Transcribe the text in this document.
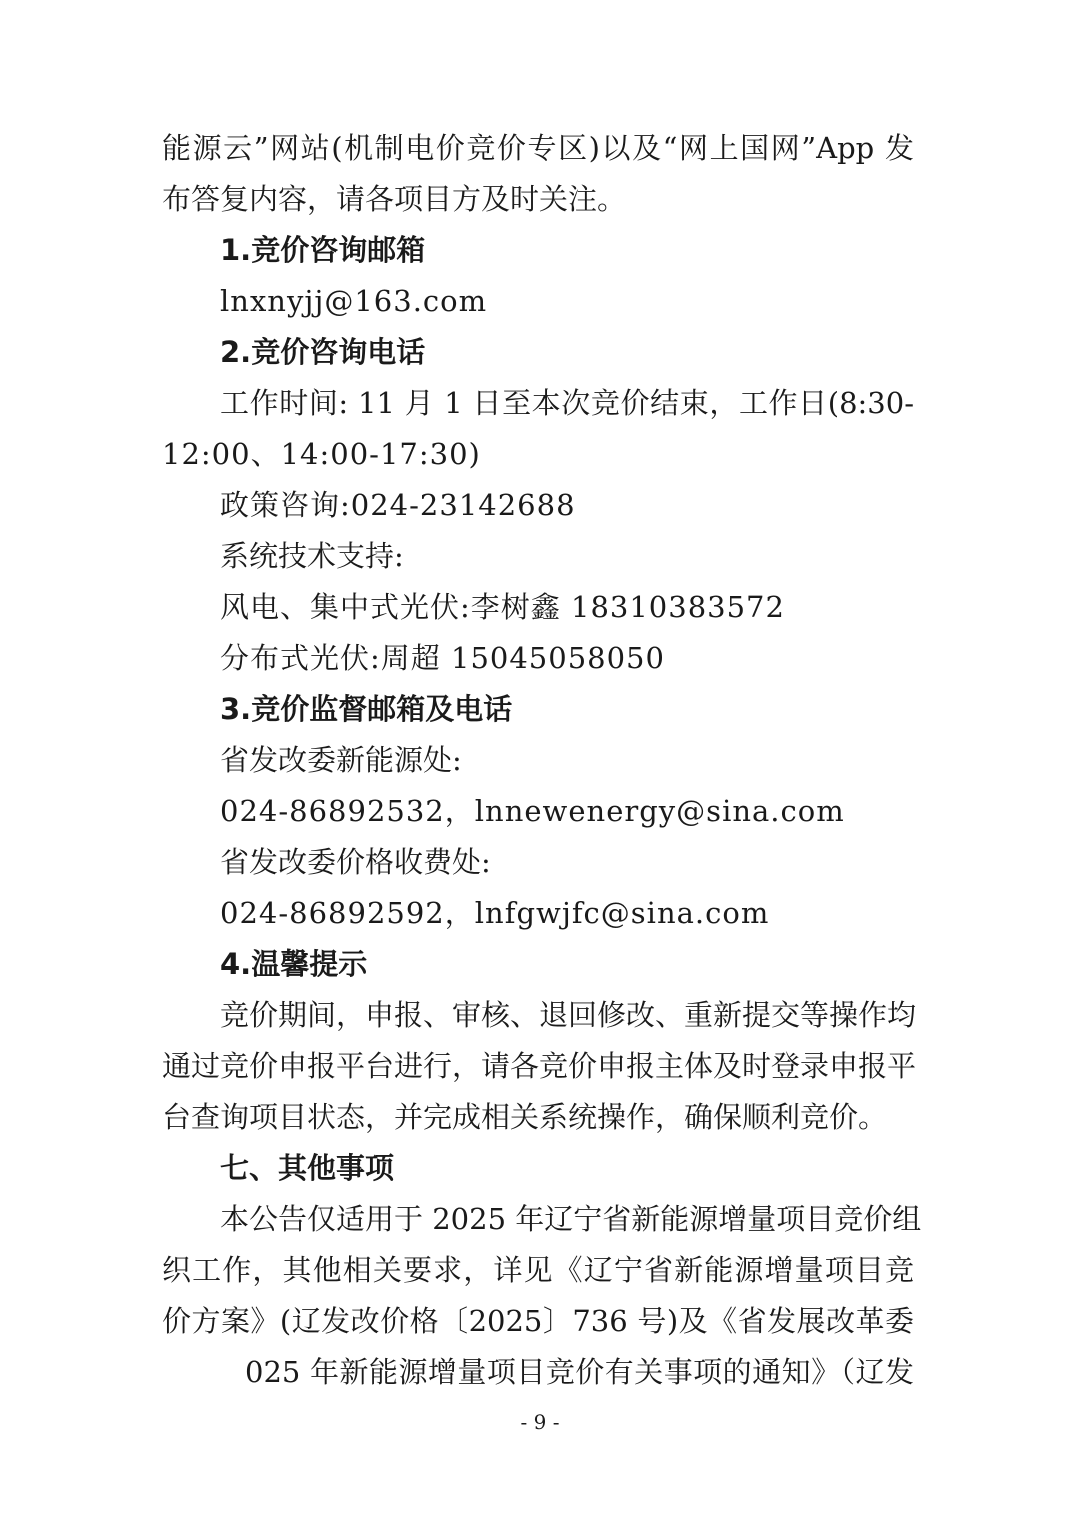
能源云”网站(机制电价竞价专区)以及“网上国网”App 发

布答复内容，请各项目方及时关注。

1.竞价咨询邮箱

lnxnyjj@163.com

2.竞价咨询电话

工作时间: 11 月 1 日至本次竞价结束，工作日(8:30-

12:00、14:00-17:30)

政策咨询:024-23142688

系统技术支持:

风电、集中式光伏:李树鑫 18310383572

分布式光伏:周超 15045058050

3.竞价监督邮箱及电话

省发改委新能源处:

024-86892532，lnnewenergy@sina.com

省发改委价格收费处:

024-86892592，lnfgwjfc@sina.com

4.温馨提示

竞价期间，申报、审核、退回修改、重新提交等操作均

通过竞价申报平台进行，请各竞价申报主体及时登录申报平

台查询项目状态，并完成相关系统操作，确保顺利竞价。

七、其他事项

本公告仅适用于 2025 年辽宁省新能源增量项目竞价组

织工作，其他相关要求，详见《辽宁省新能源增量项目竞

价方案》(辽发改价格〔2025〕736 号)及《省发展改革委

025 年新能源增量项目竞价有关事项的通知》（辽发

- 9 -
